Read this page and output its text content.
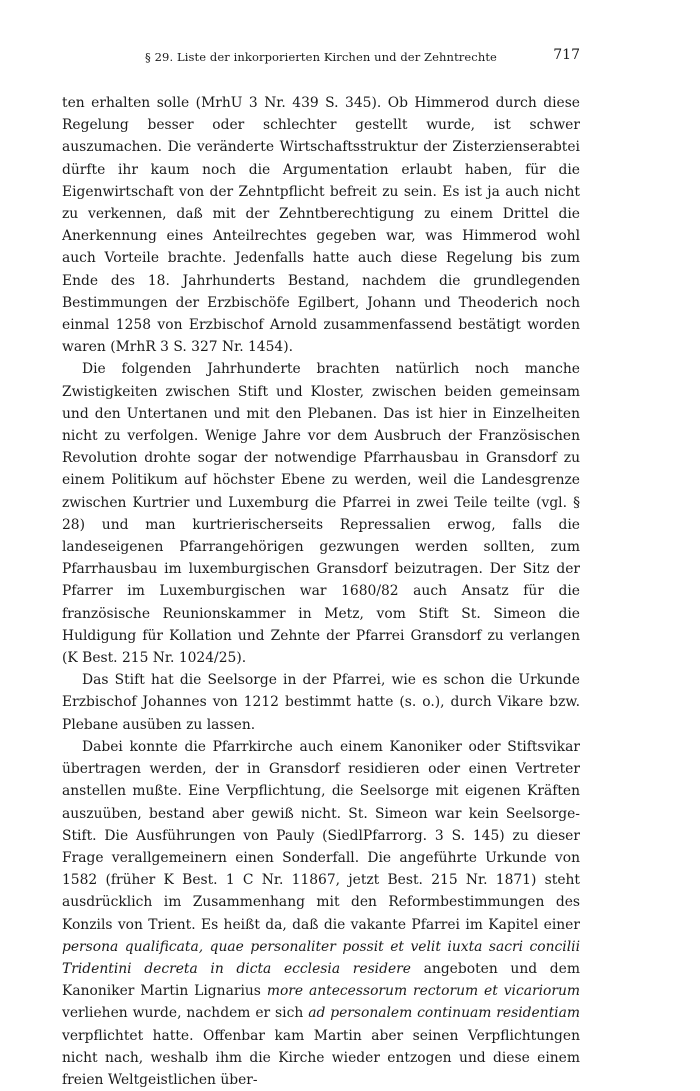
§ 29. Liste der inkorporierten Kirchen und der Zehntrechte	717

ten erhalten solle (MrhU 3 Nr. 439 S. 345). Ob Himmerod durch diese Regelung besser oder schlechter gestellt wurde, ist schwer auszumachen. Die veränderte Wirtschaftsstruktur der Zisterzienserabtei dürfte ihr kaum noch die Argumentation erlaubt haben, für die Eigenwirtschaft von der Zehntpflicht befreit zu sein. Es ist ja auch nicht zu verkennen, daß mit der Zehntberechtigung zu einem Drittel die Anerkennung eines Anteilrechtes gegeben war, was Himmerod wohl auch Vorteile brachte. Jedenfalls hatte auch diese Regelung bis zum Ende des 18. Jahrhunderts Bestand, nachdem die grundlegenden Bestimmungen der Erzbischöfe Egilbert, Johann und Theoderich noch einmal 1258 von Erzbischof Arnold zusammenfassend bestätigt worden waren (MrhR 3 S. 327 Nr. 1454).

Die folgenden Jahrhunderte brachten natürlich noch manche Zwistigkeiten zwischen Stift und Kloster, zwischen beiden gemeinsam und den Untertanen und mit den Plebanen. Das ist hier in Einzelheiten nicht zu verfolgen. Wenige Jahre vor dem Ausbruch der Französischen Revolution drohte sogar der notwendige Pfarrhausbau in Gransdorf zu einem Politikum auf höchster Ebene zu werden, weil die Landesgrenze zwischen Kurtrier und Luxemburg die Pfarrei in zwei Teile teilte (vgl. § 28) und man kurtrierischerseits Repressalien erwog, falls die landeseigenen Pfarrangehörigen gezwungen werden sollten, zum Pfarrhausbau im luxemburgischen Gransdorf beizutragen. Der Sitz der Pfarrer im Luxemburgischen war 1680/82 auch Ansatz für die französische Reunionskammer in Metz, vom Stift St. Simeon die Huldigung für Kollation und Zehnte der Pfarrei Gransdorf zu verlangen (K Best. 215 Nr. 1024/25).

Das Stift hat die Seelsorge in der Pfarrei, wie es schon die Urkunde Erzbischof Johannes von 1212 bestimmt hatte (s. o.), durch Vikare bzw. Plebane ausüben zu lassen.

Dabei konnte die Pfarrkirche auch einem Kanoniker oder Stiftsvikar übertragen werden, der in Gransdorf residieren oder einen Vertreter anstellen mußte. Eine Verpflichtung, die Seelsorge mit eigenen Kräften auszuüben, bestand aber gewiß nicht. St. Simeon war kein Seelsorge-Stift. Die Ausführungen von Pauly (SiedlPfarrorg. 3 S. 145) zu dieser Frage verallgemeinern einen Sonderfall. Die angeführte Urkunde von 1582 (früher K Best. 1 C Nr. 11867, jetzt Best. 215 Nr. 1871) steht ausdrücklich im Zusammenhang mit den Reformbestimmungen des Konzils von Trient. Es heißt da, daß die vakante Pfarrei im Kapitel einer persona qualificata, quae personaliter possit et velit iuxta sacri concilii Tridentini decreta in dicta ecclesia residere angeboten und dem Kanoniker Martin Lignarius more antecessorum rectorum et vicariorum verliehen wurde, nachdem er sich ad personalem continuam residentiam verpflichtet hatte. Offenbar kam Martin aber seinen Verpflichtungen nicht nach, weshalb ihm die Kirche wieder entzogen und diese einem freien Weltgeistlichen über-
